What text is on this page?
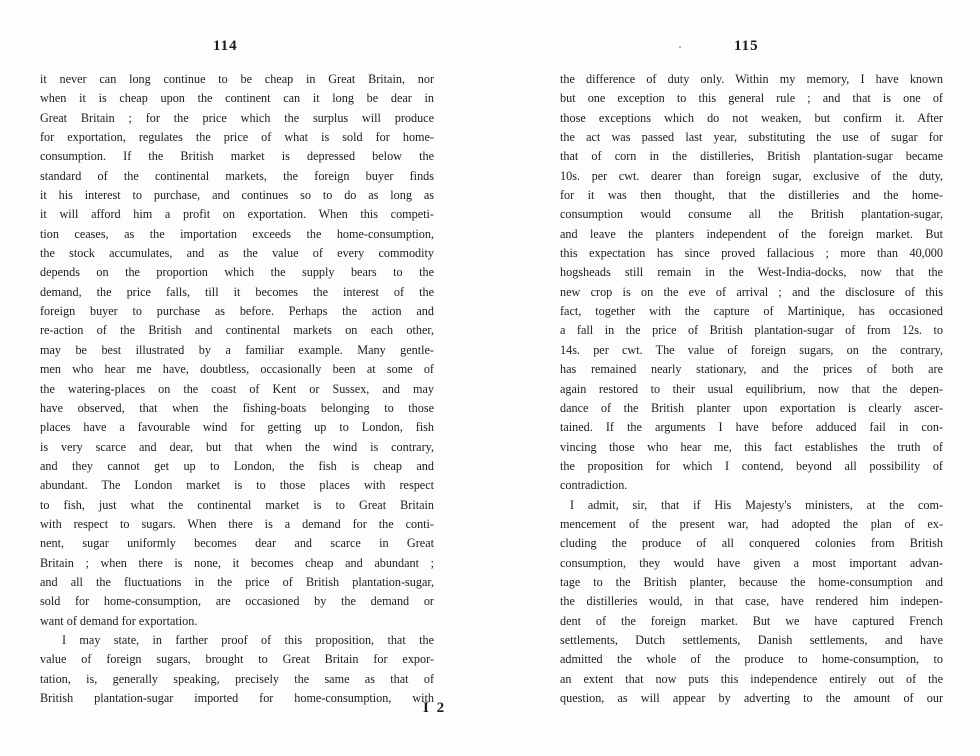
114
it never can long continue to be cheap in Great Britain, nor
when it is cheap upon the continent can it long be dear in
Great Britain ; for the price which the surplus will produce
for exportation, regulates the price of what is sold for home-
consumption. If the British market is depressed below the
standard of the continental markets, the foreign buyer finds
it his interest to purchase, and continues so to do as long as
it will afford him a profit on exportation. When this competi-
tion ceases, as the importation exceeds the home-consumption,
the stock accumulates, and as the value of every commodity
depends on the proportion which the supply bears to the
demand, the price falls, till it becomes the interest of the
foreign buyer to purchase as before. Perhaps the action and
re-action of the British and continental markets on each other,
may be best illustrated by a familiar example. Many gentle-
men who hear me have, doubtless, occasionally been at some of
the watering-places on the coast of Kent or Sussex, and may
have observed, that when the fishing-boats belonging to those
places have a favourable wind for getting up to London, fish
is very scarce and dear, but that when the wind is contrary,
and they cannot get up to London, the fish is cheap and
abundant. The London market is to those places with respect
to fish, just what the continental market is to Great Britain
with respect to sugars. When there is a demand for the conti-
nent, sugar uniformly becomes dear and scarce in Great
Britain ; when there is none, it becomes cheap and abundant ;
and all the fluctuations in the price of British plantation-sugar,
sold for home-consumption, are occasioned by the demand or
want of demand for exportation.
I may state, in farther proof of this proposition, that the
value of foreign sugars, brought to Great Britain for expor-
tation, is, generally speaking, precisely the same as that of
British plantation-sugar imported for home-consumption, with
115
the difference of duty only. Within my memory, I have known
but one exception to this general rule ; and that is one of
those exceptions which do not weaken, but confirm it. After
the act was passed last year, substituting the use of sugar for
that of corn in the distilleries, British plantation-sugar became
10s. per cwt. dearer than foreign sugar, exclusive of the duty,
for it was then thought, that the distilleries and the home-
consumption would consume all the British plantation-sugar,
and leave the planters independent of the foreign market. But
this expectation has since proved fallacious ; more than 40,000
hogsheads still remain in the West-India-docks, now that the
new crop is on the eve of arrival ; and the disclosure of this
fact, together with the capture of Martinique, has occasioned
a fall in the price of British plantation-sugar of from 12s. to
14s. per cwt. The value of foreign sugars, on the contrary,
has remained nearly stationary, and the prices of both are
again restored to their usual equilibrium, now that the depen-
dance of the British planter upon exportation is clearly ascer-
tained. If the arguments I have before adduced fail in con-
vincing those who hear me, this fact establishes the truth of
the proposition for which I contend, beyond all possibility of
contradiction.
I admit, sir, that if His Majesty's ministers, at the com-
mencement of the present war, had adopted the plan of ex-
cluding the produce of all conquered colonies from British
consumption, they would have given a most important advan-
tage to the British planter, because the home-consumption and
the distilleries would, in that case, have rendered him indepen-
dent of the foreign market. But we have captured French
settlements, Dutch settlements, Danish settlements, and have
admitted the whole of the produce to home-consumption, to
an extent that now puts this independence entirely out of the
question, as will appear by adverting to the amount of our
I 2
